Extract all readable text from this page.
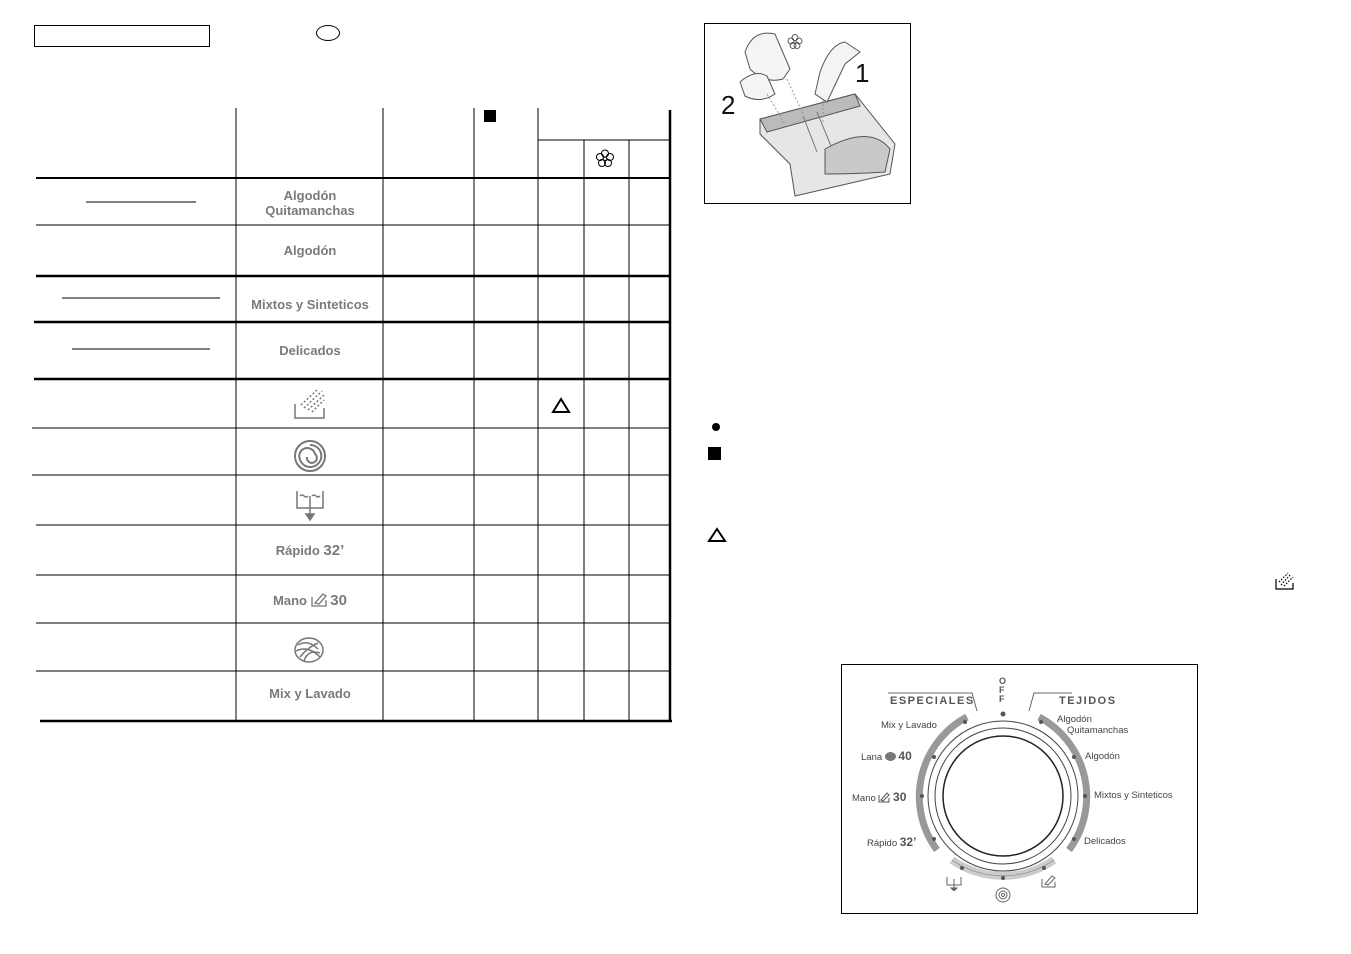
Algodón
Quitamanchas
Algodón
Mixtos y Sinteticos
Delicados
Rápido 32’
Mano 30
Mix y Lavado
1
2
ESPECIALES	TEJIDOS
OFF
Mix y Lavado
Lana 40
Mano 30
Rápido 32’
Algodón
Quitamanchas
Algodón
Mixtos y Sinteticos
Delicados
